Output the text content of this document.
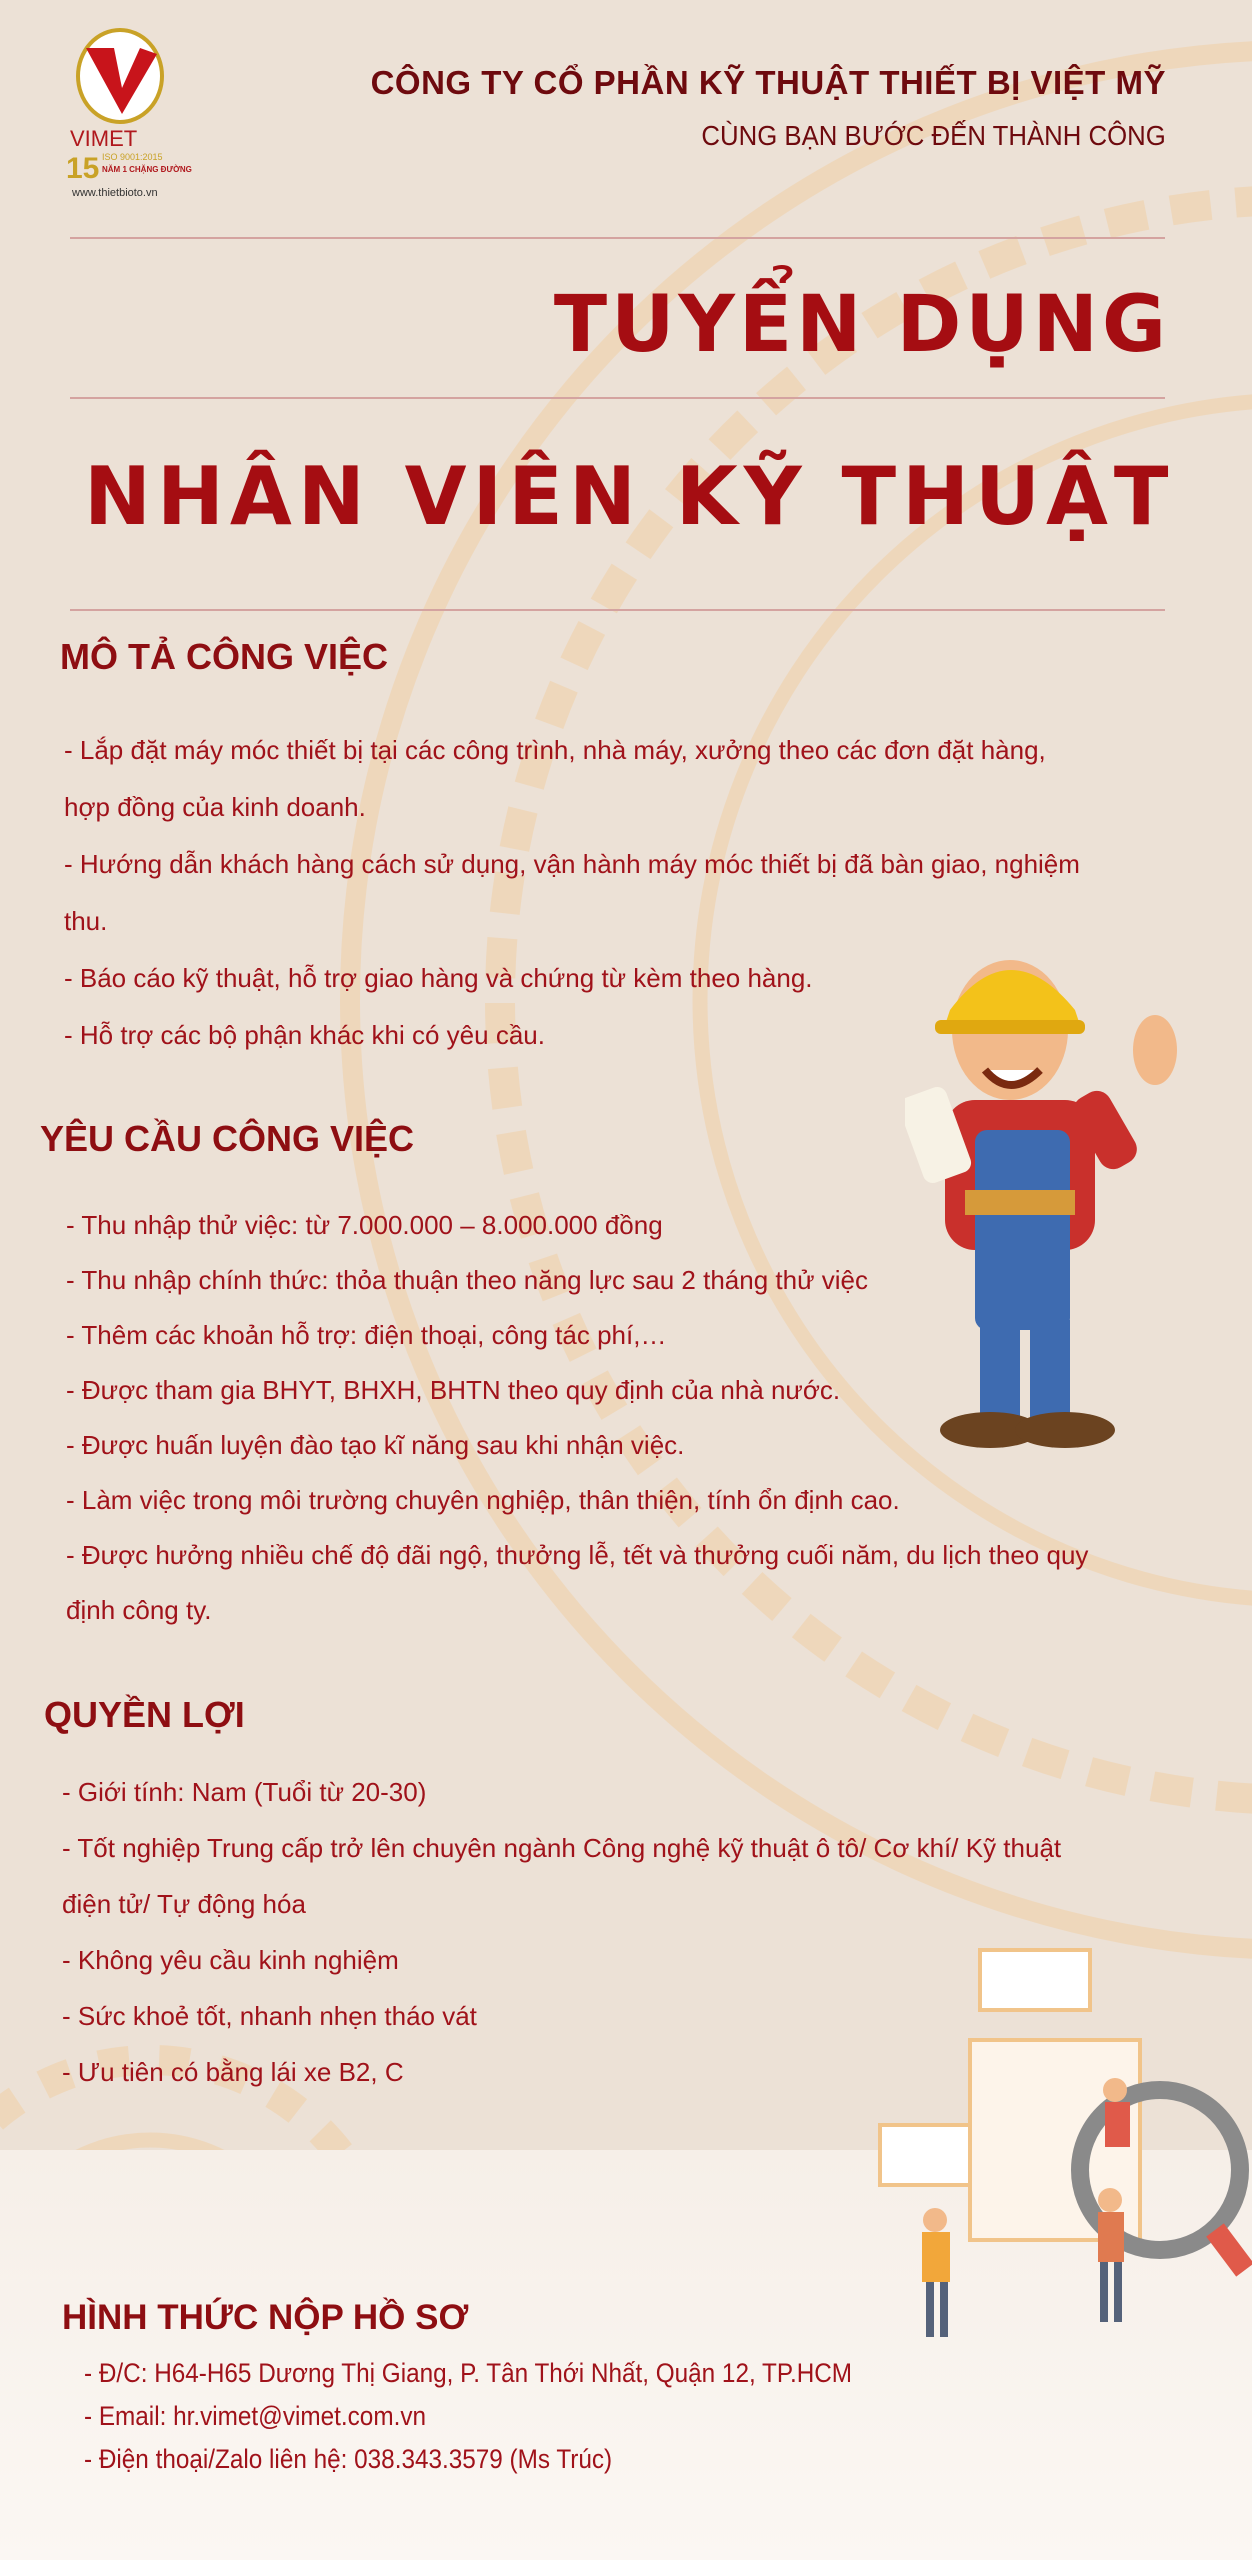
VIMET
15 ISO 9001:2015
NĂM 1 CHẶNG ĐƯỜNG
www.thietbioto.vn
CÔNG TY CỔ PHẦN KỸ THUẬT THIẾT BỊ VIỆT MỸ
CÙNG BẠN BƯỚC ĐẾN THÀNH CÔNG
TUYỂN DỤNG
NHÂN VIÊN KỸ THUẬT
MÔ TẢ CÔNG VIỆC
- Lắp đặt máy móc thiết bị tại các công trình, nhà máy, xưởng theo các đơn đặt hàng,
hợp đồng của kinh doanh.
- Hướng dẫn khách hàng cách sử dụng, vận hành máy móc thiết bị đã bàn giao, nghiệm
thu.
- Báo cáo kỹ thuật, hỗ trợ giao hàng và chứng từ kèm theo hàng.
- Hỗ trợ các bộ phận khác khi có yêu cầu.
YÊU CẦU CÔNG VIỆC
- Thu nhập thử việc: từ 7.000.000 – 8.000.000 đồng
- Thu nhập chính thức: thỏa thuận theo năng lực sau 2 tháng thử việc
- Thêm các khoản hỗ trợ: điện thoại, công tác phí,…
- Được tham gia BHYT, BHXH, BHTN theo quy định của nhà nước.
- Được huấn luyện đào tạo kĩ năng sau khi nhận việc.
- Làm việc trong môi trường chuyên nghiệp, thân thiện, tính ổn định cao.
- Được hưởng nhiều chế độ đãi ngộ, thưởng lễ, tết và thưởng cuối năm, du lịch theo quy
định công ty.
QUYỀN LỢI
- Giới tính: Nam (Tuổi từ 20-30)
- Tốt nghiệp Trung cấp trở lên chuyên ngành Công nghệ kỹ thuật ô tô/ Cơ khí/ Kỹ thuật
điện tử/ Tự động hóa
- Không yêu cầu kinh nghiệm
- Sức khoẻ tốt, nhanh nhẹn tháo vát
- Ưu tiên có bằng lái xe B2, C
HÌNH THỨC NỘP HỒ SƠ
- Đ/C: H64-H65 Dương Thị Giang, P. Tân Thới Nhất, Quận 12, TP.HCM
- Email: hr.vimet@vimet.com.vn
- Điện thoại/Zalo liên hệ: 038.343.3579 (Ms Trúc)
